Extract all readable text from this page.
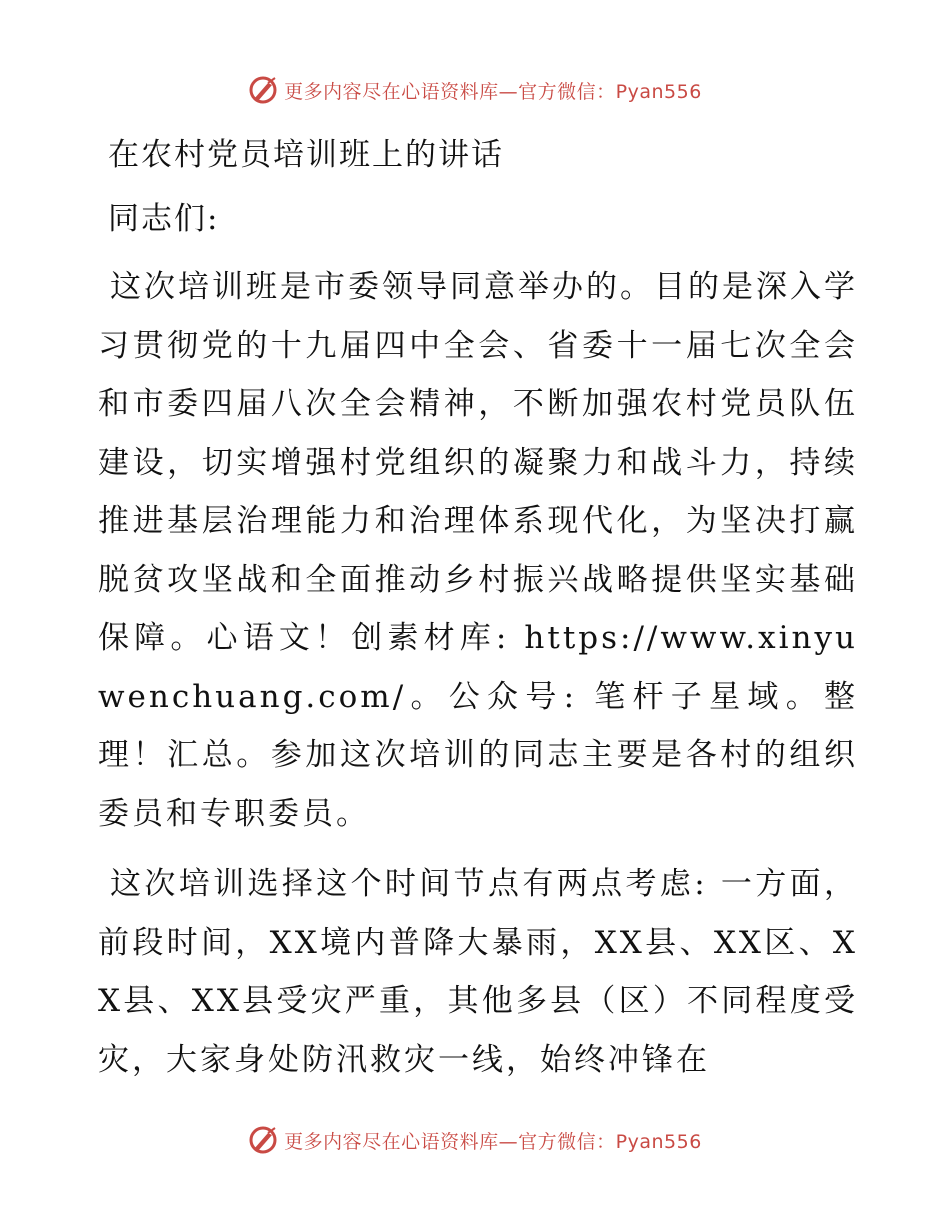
更多内容尽在心语资料库—官方微信：Pyan556
在农村党员培训班上的讲话
同志们:

这次培训班是市委领导同意举办的。目的是深入学习贯彻党的十九届四中全会、省委十一届七次全会和市委四届八次全会精神，不断加强农村党员队伍建设，切实增强村党组织的凝聚力和战斗力，持续推进基层治理能力和治理体系现代化，为坚决打赢脱贫攻坚战和全面推动乡村振兴战略提供坚实基础保障。心语文！创素材库: https://www.xinyuwenchuang.com/。公众号: 笔杆子星域。整理！汇总。参加这次培训的同志主要是各村的组织委员和专职委员。

这次培训选择这个时间节点有两点考虑: 一方面，前段时间，XX境内普降大暴雨，XX县、XX区、XX县、XX县受灾严重，其他多县（区）不同程度受灾，大家身处防汛救灾一线，始终冲锋在

更多内容尽在心语资料库—官方微信：Pyan556
